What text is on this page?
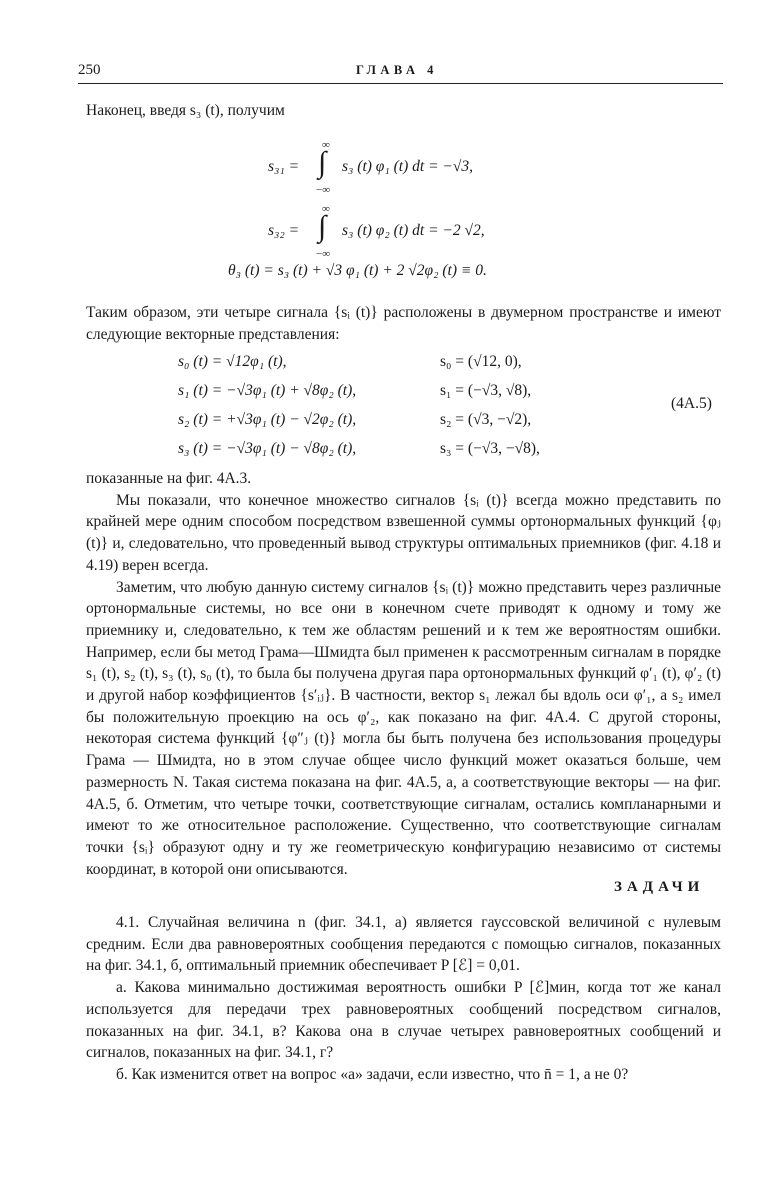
250	ГЛАВА 4
Наконец, введя s₃ (t), получим
s₃₁ =
∞
∫
−∞
s₃ (t) φ₁ (t) dt = −√3,
s₃₂ =
∞
∫
−∞
s₃ (t) φ₂ (t) dt = −2 √2,
θ₃ (t) = s₃ (t) + √3 φ₁ (t) + 2 √2φ₂ (t) ≡ 0.

Таким образом, эти четыре сигнала {sᵢ (t)} расположены в двумерном пространстве и имеют следующие векторные представления:

s₀ (t) = √12φ₁ (t),	s₀ = (√12, 0),
s₁ (t) = −√3φ₁ (t) + √8φ₂ (t),	s₁ = (−√3, √8),
s₂ (t) = +√3φ₁ (t) − √2φ₂ (t),	s₂ = (√3, −√2),
s₃ (t) = −√3φ₁ (t) − √8φ₂ (t),	s₃ = (−√3, −√8),
(4A.5)

показанные на фиг. 4А.3.

Мы показали, что конечное множество сигналов {sᵢ (t)} всегда можно представить по крайней мере одним способом посредством взвешенной суммы ортонормальных функций {φⱼ (t)} и, следовательно, что проведенный вывод структуры оптимальных приемников (фиг. 4.18 и 4.19) верен всегда.

Заметим, что любую данную систему сигналов {sᵢ (t)} можно представить через различные ортонормальные системы, но все они в конечном счете приводят к одному и тому же приемнику и, следовательно, к тем же областям решений и к тем же вероятностям ошибки. Например, если бы метод Грама—Шмидта был применен к рассмотренным сигналам в порядке s₁ (t), s₂ (t), s₃ (t), s₀ (t), то была бы получена другая пара ортонормальных функций φ′₁ (t), φ′₂ (t) и другой набор коэффициентов {s′ᵢⱼ}. В частности, вектор s₁ лежал бы вдоль оси φ′₁, а s₂ имел бы положительную проекцию на ось φ′₂, как показано на фиг. 4А.4. С другой стороны, некоторая система функций {φ″ⱼ (t)} могла бы быть получена без использования процедуры Грама — Шмидта, но в этом случае общее число функций может оказаться больше, чем размерность N. Такая система показана на фиг. 4А.5, а, а соответствующие векторы — на фиг. 4А.5, б. Отметим, что четыре точки, соответствующие сигналам, остались компланарными и имеют то же относительное расположение. Существенно, что соответствующие сигналам точки {sᵢ} образуют одну и ту же геометрическую конфигурацию независимо от системы координат, в которой они описываются.

ЗАДАЧИ

4.1. Случайная величина n (фиг. 34.1, а) является гауссовской величиной с нулевым средним. Если два равновероятных сообщения передаются с помощью сигналов, показанных на фиг. 34.1, б, оптимальный приемник обеспечивает P [ℰ] = 0,01.

а. Какова минимально достижимая вероятность ошибки P [ℰ]мин, когда тот же канал используется для передачи трех равновероятных сообщений посредством сигналов, показанных на фиг. 34.1, в? Какова она в случае четырех равновероятных сообщений и сигналов, показанных на фиг. 34.1, г?

б. Как изменится ответ на вопрос «а» задачи, если известно, что n̄ = 1, а не 0?
